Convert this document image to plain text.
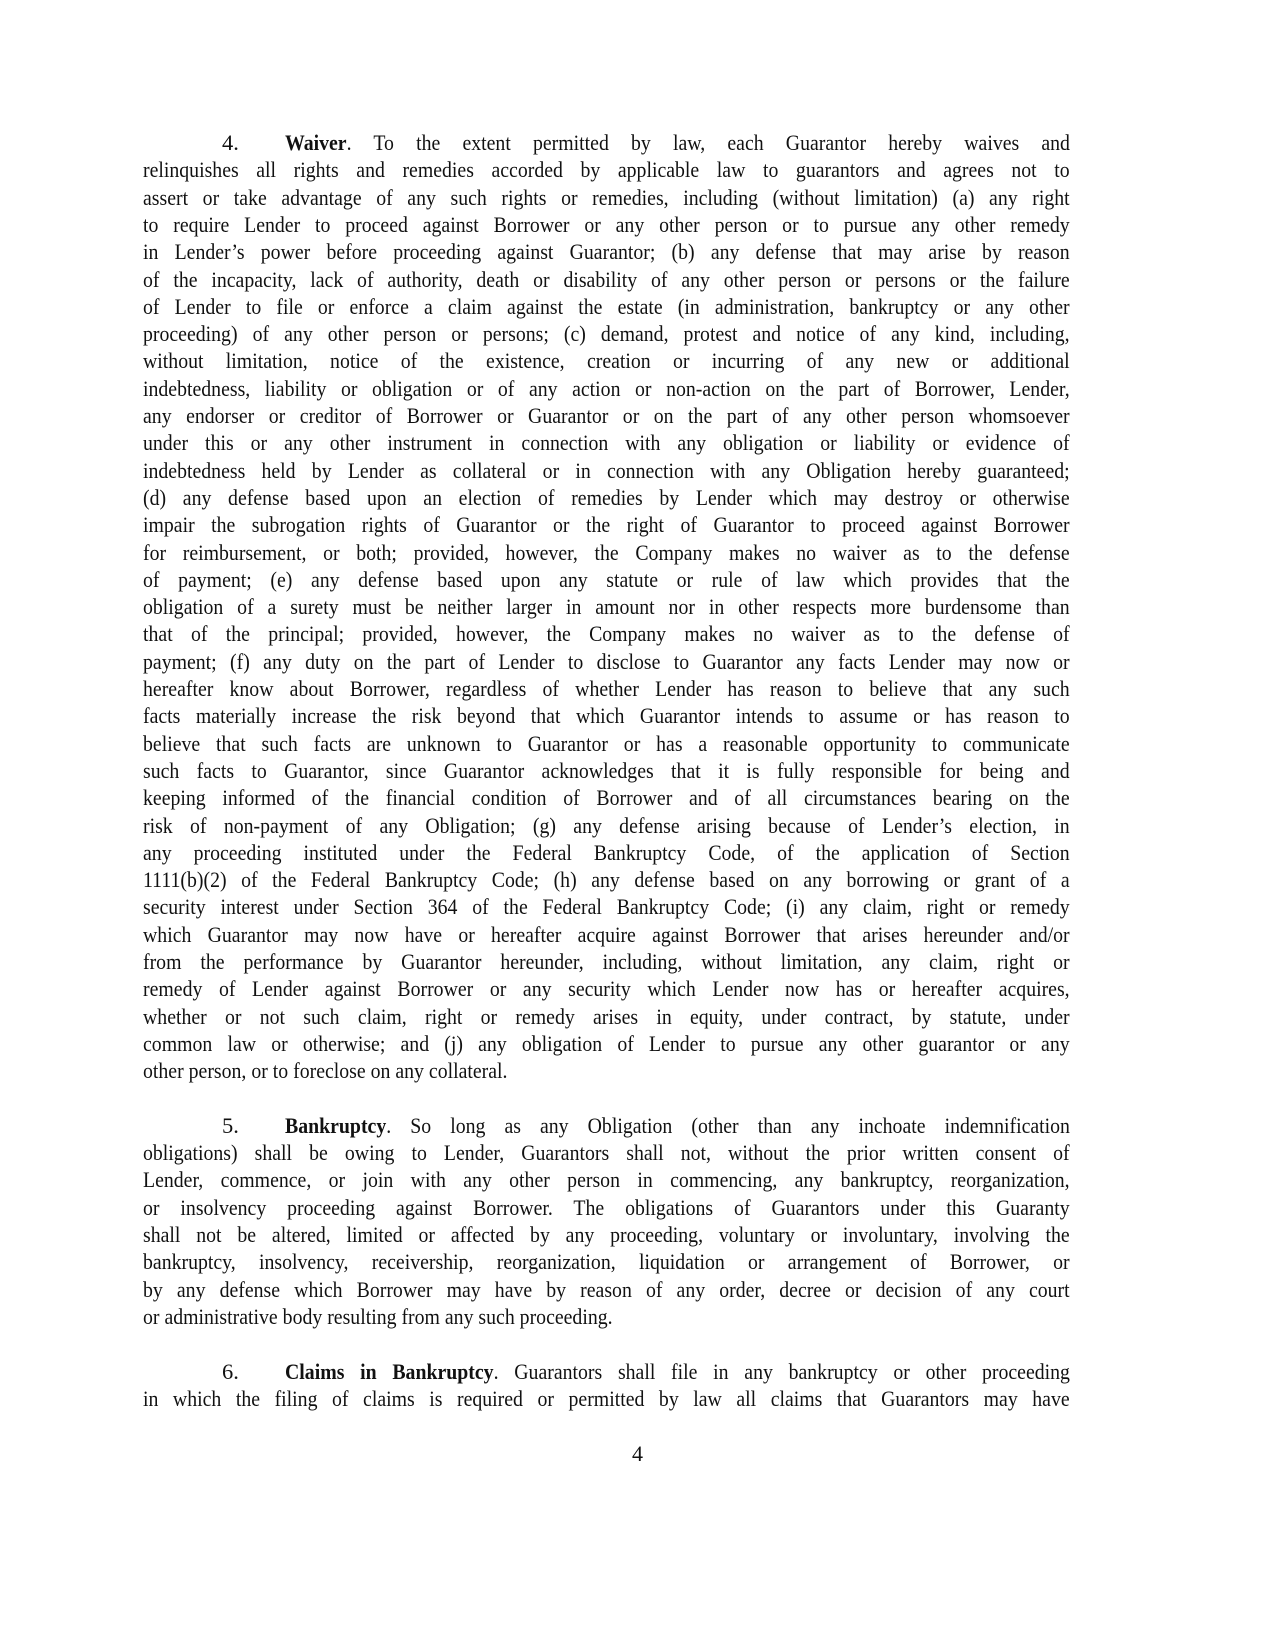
4. Waiver. To the extent permitted by law, each Guarantor hereby waives and
relinquishes all rights and remedies accorded by applicable law to guarantors and agrees not to
assert or take advantage of any such rights or remedies, including (without limitation) (a) any right
to require Lender to proceed against Borrower or any other person or to pursue any other remedy
in Lender’s power before proceeding against Guarantor; (b) any defense that may arise by reason
of the incapacity, lack of authority, death or disability of any other person or persons or the failure
of Lender to file or enforce a claim against the estate (in administration, bankruptcy or any other
proceeding) of any other person or persons; (c) demand, protest and notice of any kind, including,
without limitation, notice of the existence, creation or incurring of any new or additional
indebtedness, liability or obligation or of any action or non-action on the part of Borrower, Lender,
any endorser or creditor of Borrower or Guarantor or on the part of any other person whomsoever
under this or any other instrument in connection with any obligation or liability or evidence of
indebtedness held by Lender as collateral or in connection with any Obligation hereby guaranteed;
(d) any defense based upon an election of remedies by Lender which may destroy or otherwise
impair the subrogation rights of Guarantor or the right of Guarantor to proceed against Borrower
for reimbursement, or both; provided, however, the Company makes no waiver as to the defense
of payment; (e) any defense based upon any statute or rule of law which provides that the
obligation of a surety must be neither larger in amount nor in other respects more burdensome than
that of the principal; provided, however, the Company makes no waiver as to the defense of
payment; (f) any duty on the part of Lender to disclose to Guarantor any facts Lender may now or
hereafter know about Borrower, regardless of whether Lender has reason to believe that any such
facts materially increase the risk beyond that which Guarantor intends to assume or has reason to
believe that such facts are unknown to Guarantor or has a reasonable opportunity to communicate
such facts to Guarantor, since Guarantor acknowledges that it is fully responsible for being and
keeping informed of the financial condition of Borrower and of all circumstances bearing on the
risk of non-payment of any Obligation; (g) any defense arising because of Lender’s election, in
any proceeding instituted under the Federal Bankruptcy Code, of the application of Section
1111(b)(2) of the Federal Bankruptcy Code; (h) any defense based on any borrowing or grant of a
security interest under Section 364 of the Federal Bankruptcy Code; (i) any claim, right or remedy
which Guarantor may now have or hereafter acquire against Borrower that arises hereunder and/or
from the performance by Guarantor hereunder, including, without limitation, any claim, right or
remedy of Lender against Borrower or any security which Lender now has or hereafter acquires,
whether or not such claim, right or remedy arises in equity, under contract, by statute, under
common law or otherwise; and (j) any obligation of Lender to pursue any other guarantor or any
other person, or to foreclose on any collateral.
5. Bankruptcy. So long as any Obligation (other than any inchoate indemnification
obligations) shall be owing to Lender, Guarantors shall not, without the prior written consent of
Lender, commence, or join with any other person in commencing, any bankruptcy, reorganization,
or insolvency proceeding against Borrower. The obligations of Guarantors under this Guaranty
shall not be altered, limited or affected by any proceeding, voluntary or involuntary, involving the
bankruptcy, insolvency, receivership, reorganization, liquidation or arrangement of Borrower, or
by any defense which Borrower may have by reason of any order, decree or decision of any court
or administrative body resulting from any such proceeding.
6. Claims in Bankruptcy. Guarantors shall file in any bankruptcy or other proceeding
in which the filing of claims is required or permitted by law all claims that Guarantors may have
4
